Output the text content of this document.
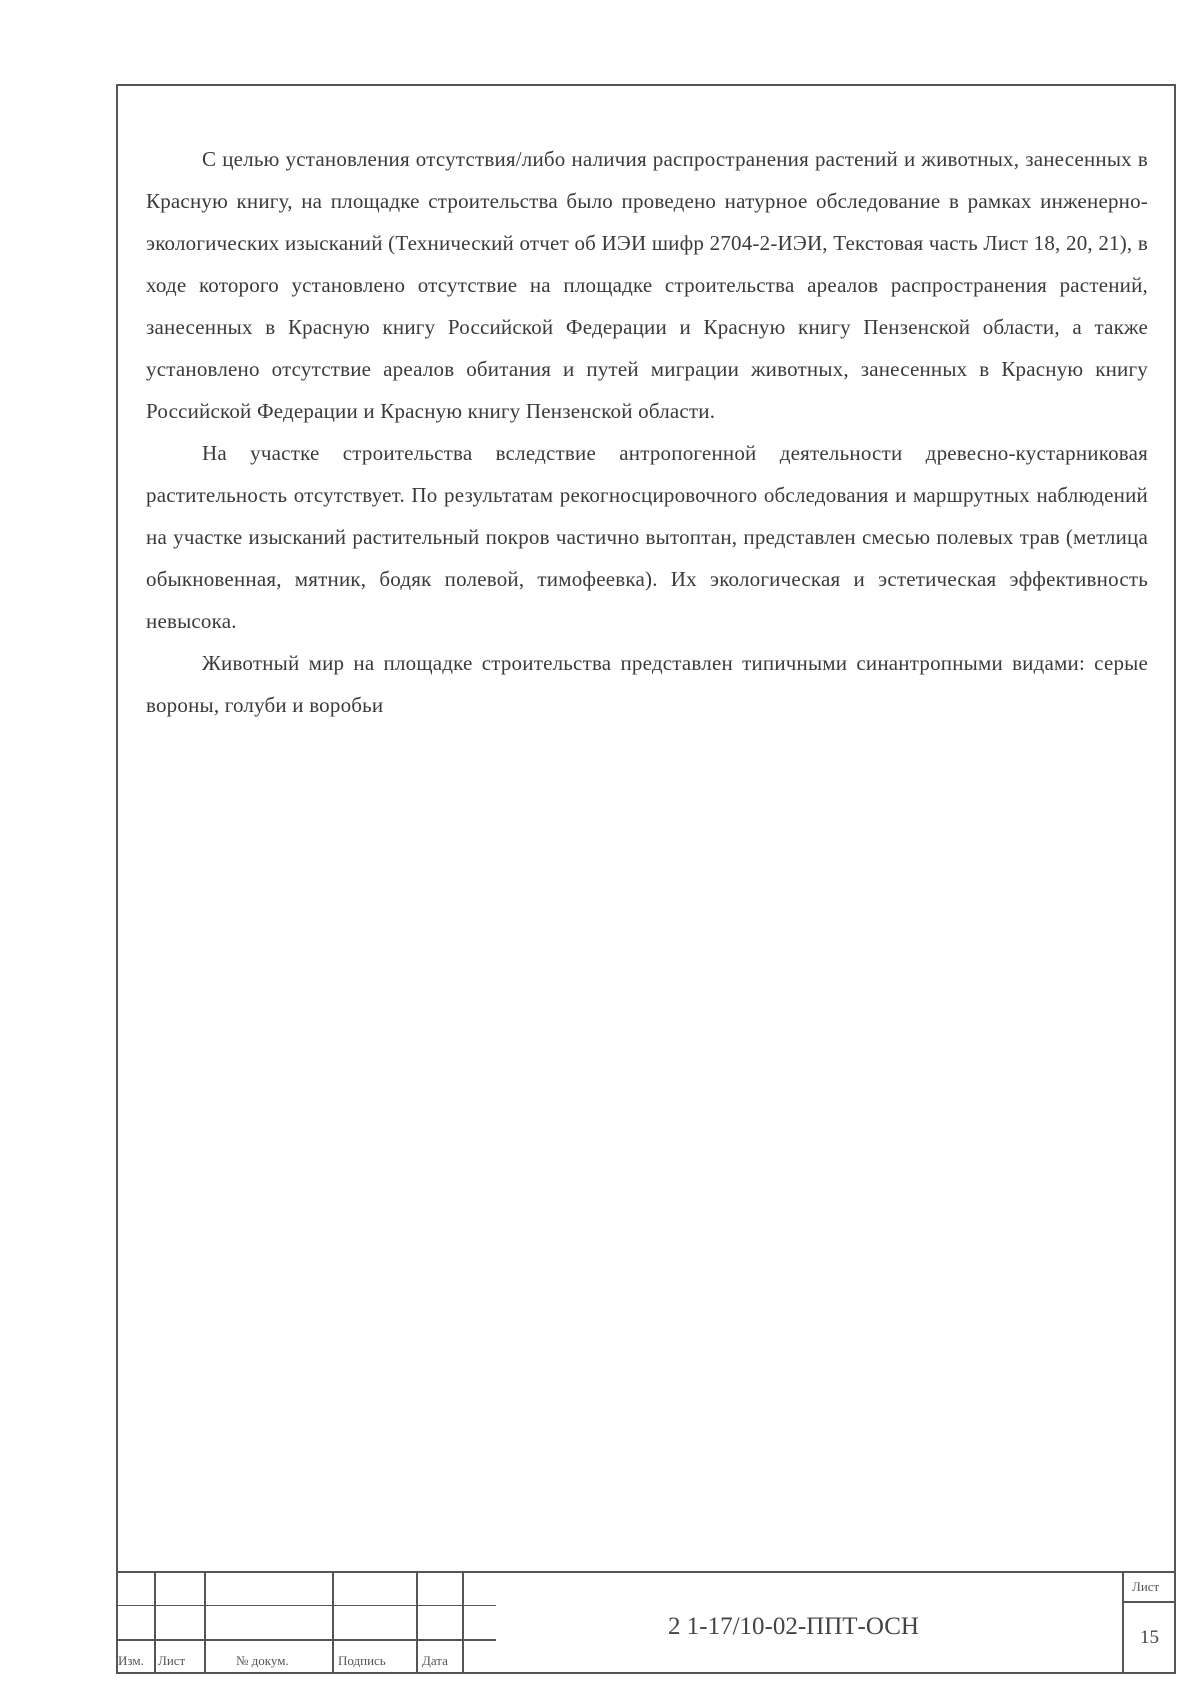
С целью установления отсутствия/либо наличия распространения растений и животных, занесенных в Красную книгу, на площадке строительства было проведено натурное обследование в рамках инженерно-экологических изысканий (Технический отчет об ИЭИ шифр 2704-2-ИЭИ, Текстовая часть Лист 18, 20, 21), в ходе которого установлено отсутствие на площадке строительства ареалов распространения растений, занесенных в Красную книгу Российской Федерации и Красную книгу Пензенской области, а также установлено отсутствие ареалов обитания и путей миграции животных, занесенных в Красную книгу Российской Федерации и Красную книгу Пензенской области.

На участке строительства вследствие антропогенной деятельности древесно-кустарниковая растительность отсутствует. По результатам рекогносцировочного обследования и маршрутных наблюдений на участке изысканий растительный покров частично вытоптан, представлен смесью полевых трав (метлица обыкновенная, мятник, бодяк полевой, тимофеевка). Их экологическая и эстетическая эффективность невысока.

Животный мир на площадке строительства представлен типичными синантропными видами: серые вороны, голуби и воробьи

Изм. Лист	№ докум.	Подпись	Дата
2 1-17/10-02-ППТ-ОСН
Лист
15
